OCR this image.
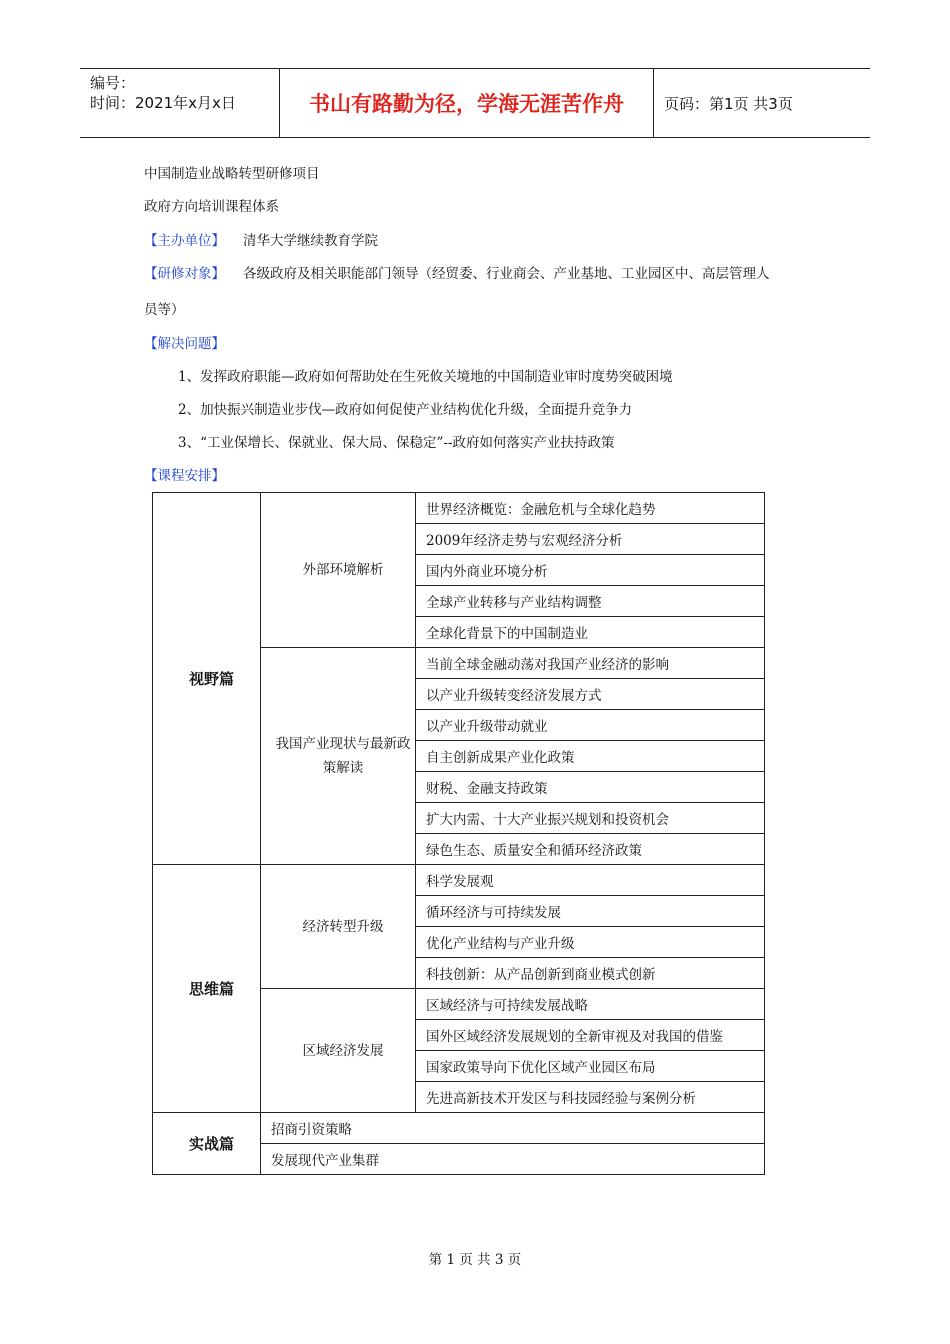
编号：
时间：2021年x月x日	书山有路勤为径，学海无涯苦作舟	页码：第1页 共3页
中国制造业战略转型研修项目
政府方向培训课程体系
【主办单位】 清华大学继续教育学院
【研修对象】 各级政府及相关职能部门领导（经贸委、行业商会、产业基地、工业园区中、高层管理人
员等）
【解决问题】
1、发挥政府职能—政府如何帮助处在生死攸关境地的中国制造业审时度势突破困境
2、加快振兴制造业步伐—政府如何促使产业结构优化升级，全面提升竞争力
3、“工业保增长、保就业、保大局、保稳定”--政府如何落实产业扶持政策
【课程安排】
视野篇	外部环境解析	世界经济概览：金融危机与全球化趋势
		2009年经济走势与宏观经济分析
		国内外商业环境分析
		全球产业转移与产业结构调整
		全球化背景下的中国制造业
	我国产业现状与最新政策解读	当前全球金融动荡对我国产业经济的影响
		以产业升级转变经济发展方式
		以产业升级带动就业
		自主创新成果产业化政策
		财税、金融支持政策
		扩大内需、十大产业振兴规划和投资机会
		绿色生态、质量安全和循环经济政策
思维篇	经济转型升级	科学发展观
		循环经济与可持续发展
		优化产业结构与产业升级
		科技创新：从产品创新到商业模式创新
	区域经济发展	区域经济与可持续发展战略
		国外区域经济发展规划的全新审视及对我国的借鉴
		国家政策导向下优化区域产业园区布局
		先进高新技术开发区与科技园经验与案例分析
实战篇	招商引资策略	
	发展现代产业集群	
第 1 页 共 3 页
